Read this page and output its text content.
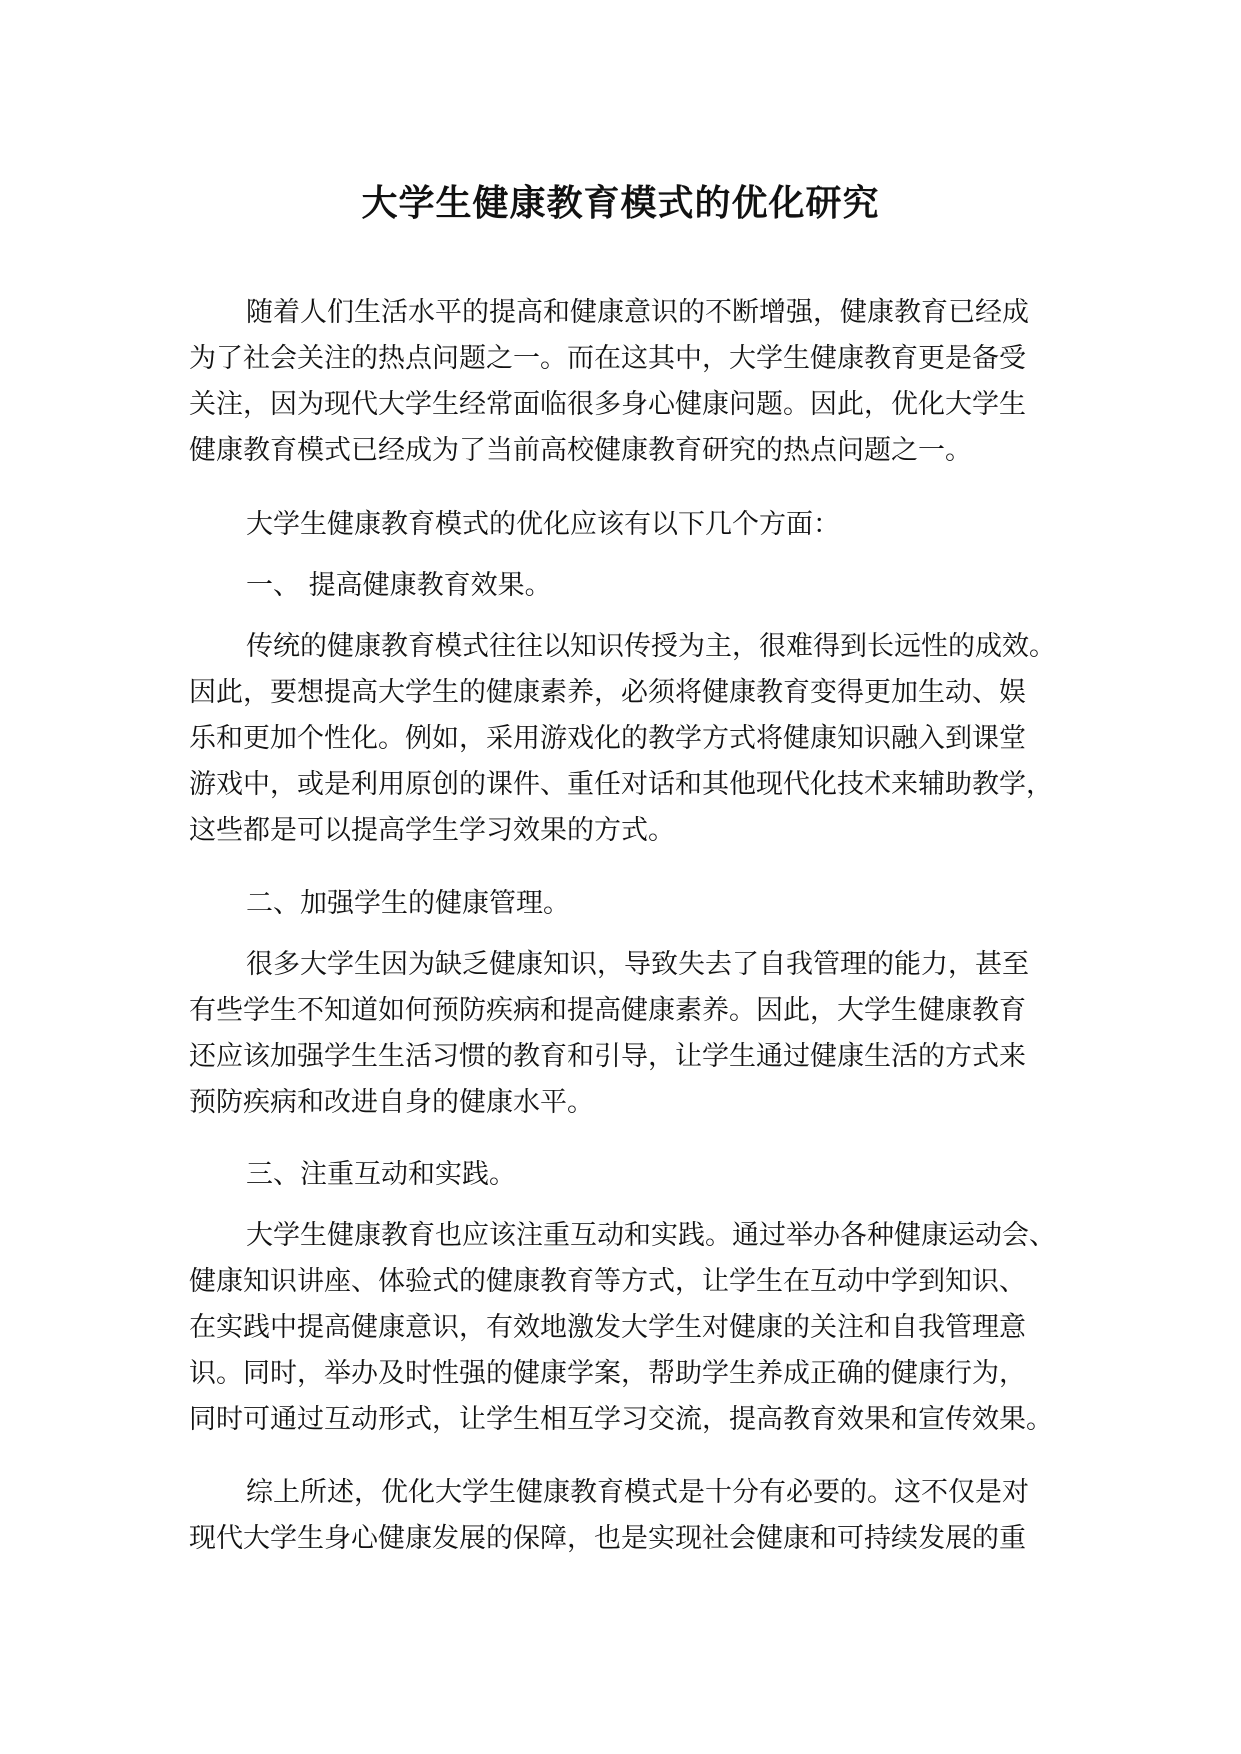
大学生健康教育模式的优化研究
随着人们生活水平的提高和健康意识的不断增强，健康教育已经成
为了社会关注的热点问题之一。而在这其中，大学生健康教育更是备受
关注，因为现代大学生经常面临很多身心健康问题。因此，优化大学生
健康教育模式已经成为了当前高校健康教育研究的热点问题之一。
大学生健康教育模式的优化应该有以下几个方面：
一、 提高健康教育效果。
传统的健康教育模式往往以知识传授为主，很难得到长远性的成效。
因此，要想提高大学生的健康素养，必须将健康教育变得更加生动、娱
乐和更加个性化。例如，采用游戏化的教学方式将健康知识融入到课堂
游戏中，或是利用原创的课件、重任对话和其他现代化技术来辅助教学，
这些都是可以提高学生学习效果的方式。
二、加强学生的健康管理。
很多大学生因为缺乏健康知识，导致失去了自我管理的能力，甚至
有些学生不知道如何预防疾病和提高健康素养。因此，大学生健康教育
还应该加强学生生活习惯的教育和引导，让学生通过健康生活的方式来
预防疾病和改进自身的健康水平。
三、注重互动和实践。
大学生健康教育也应该注重互动和实践。通过举办各种健康运动会、
健康知识讲座、体验式的健康教育等方式，让学生在互动中学到知识、
在实践中提高健康意识，有效地激发大学生对健康的关注和自我管理意
识。同时，举办及时性强的健康学案，帮助学生养成正确的健康行为，
同时可通过互动形式，让学生相互学习交流，提高教育效果和宣传效果。
综上所述，优化大学生健康教育模式是十分有必要的。这不仅是对
现代大学生身心健康发展的保障，也是实现社会健康和可持续发展的重
